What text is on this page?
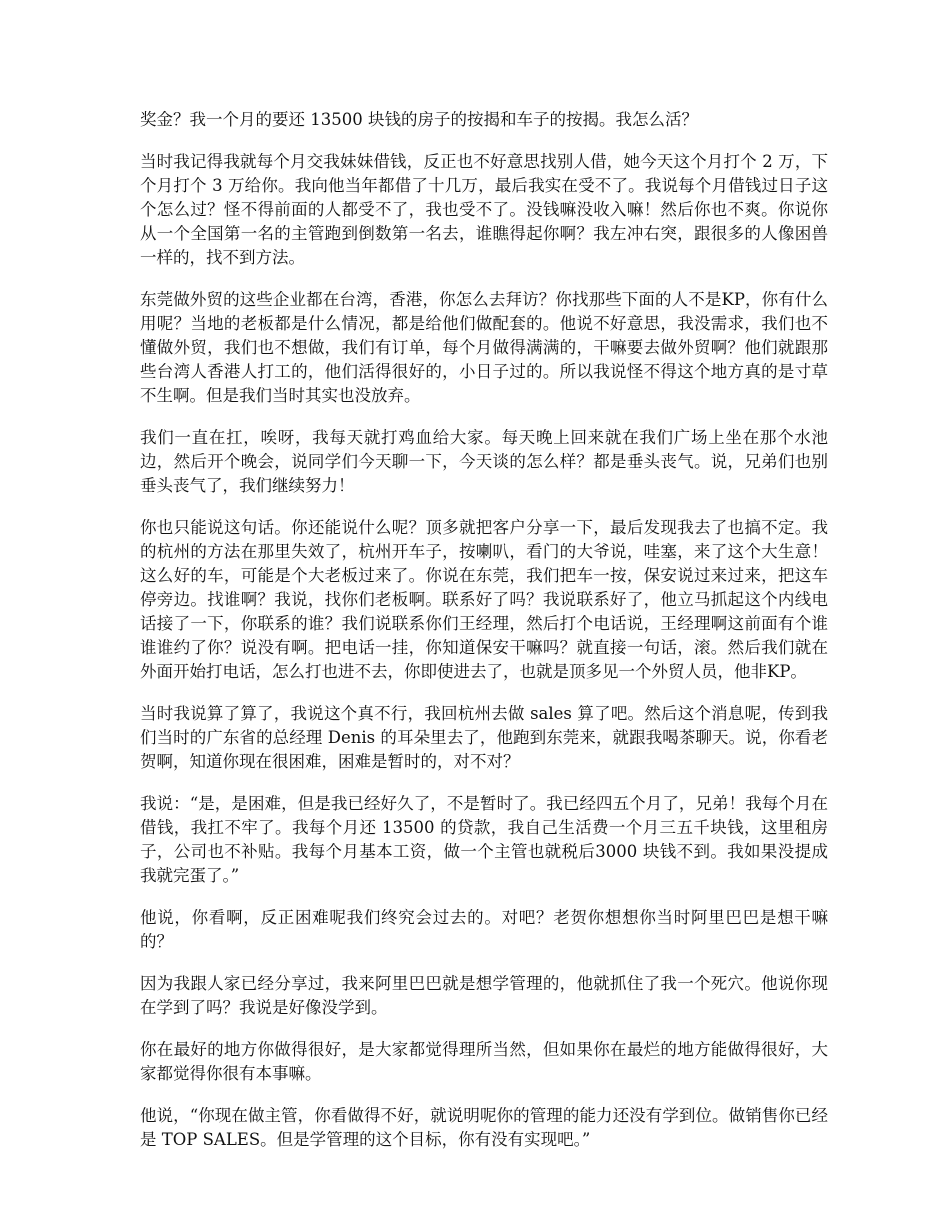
奖金？我一个月的要还 13500 块钱的房子的按揭和车子的按揭。我怎么活？

当时我记得我就每个月交我妹妹借钱，反正也不好意思找别人借，她今天这个月打个 2 万，下个月打个 3 万给你。我向他当年都借了十几万，最后我实在受不了。我说每个月借钱过日子这个怎么过？怪不得前面的人都受不了，我也受不了。没钱嘛没收入嘛！然后你也不爽。你说你从一个全国第一名的主管跑到倒数第一名去，谁瞧得起你啊？我左冲右突，跟很多的人像困兽一样的，找不到方法。

东莞做外贸的这些企业都在台湾，香港，你怎么去拜访？你找那些下面的人不是KP，你有什么用呢？当地的老板都是什么情况，都是给他们做配套的。他说不好意思，我没需求，我们也不懂做外贸，我们也不想做，我们有订单，每个月做得满满的，干嘛要去做外贸啊？他们就跟那些台湾人香港人打工的，他们活得很好的，小日子过的。所以我说怪不得这个地方真的是寸草不生啊。但是我们当时其实也没放弃。

我们一直在扛，唉呀，我每天就打鸡血给大家。每天晚上回来就在我们广场上坐在那个水池边，然后开个晚会，说同学们今天聊一下，今天谈的怎么样？都是垂头丧气。说，兄弟们也别垂头丧气了，我们继续努力！

你也只能说这句话。你还能说什么呢？顶多就把客户分享一下，最后发现我去了也搞不定。我的杭州的方法在那里失效了，杭州开车子，按喇叭，看门的大爷说，哇塞，来了这个大生意！这么好的车，可能是个大老板过来了。你说在东莞，我们把车一按，保安说过来过来，把这车停旁边。找谁啊？我说，找你们老板啊。联系好了吗？我说联系好了，他立马抓起这个内线电话接了一下，你联系的谁？我们说联系你们王经理，然后打个电话说，王经理啊这前面有个谁谁谁约了你？说没有啊。把电话一挂，你知道保安干嘛吗？就直接一句话，滚。然后我们就在外面开始打电话，怎么打也进不去，你即使进去了，也就是顶多见一个外贸人员，他非KP。

当时我说算了算了，我说这个真不行，我回杭州去做 sales 算了吧。然后这个消息呢，传到我们当时的广东省的总经理 Denis 的耳朵里去了，他跑到东莞来，就跟我喝茶聊天。说，你看老贺啊，知道你现在很困难，困难是暂时的，对不对？

我说：“是，是困难，但是我已经好久了，不是暂时了。我已经四五个月了，兄弟！我每个月在借钱，我扛不牢了。我每个月还 13500 的贷款，我自己生活费一个月三五千块钱，这里租房子，公司也不补贴。我每个月基本工资，做一个主管也就税后3000 块钱不到。我如果没提成我就完蛋了。”

他说，你看啊，反正困难呢我们终究会过去的。对吧？老贺你想想你当时阿里巴巴是想干嘛的？

因为我跟人家已经分享过，我来阿里巴巴就是想学管理的，他就抓住了我一个死穴。他说你现在学到了吗？我说是好像没学到。

你在最好的地方你做得很好，是大家都觉得理所当然，但如果你在最烂的地方能做得很好，大家都觉得你很有本事嘛。

他说，“你现在做主管，你看做得不好，就说明呢你的管理的能力还没有学到位。做销售你已经是 TOP SALES。但是学管理的这个目标，你有没有实现吧。”
